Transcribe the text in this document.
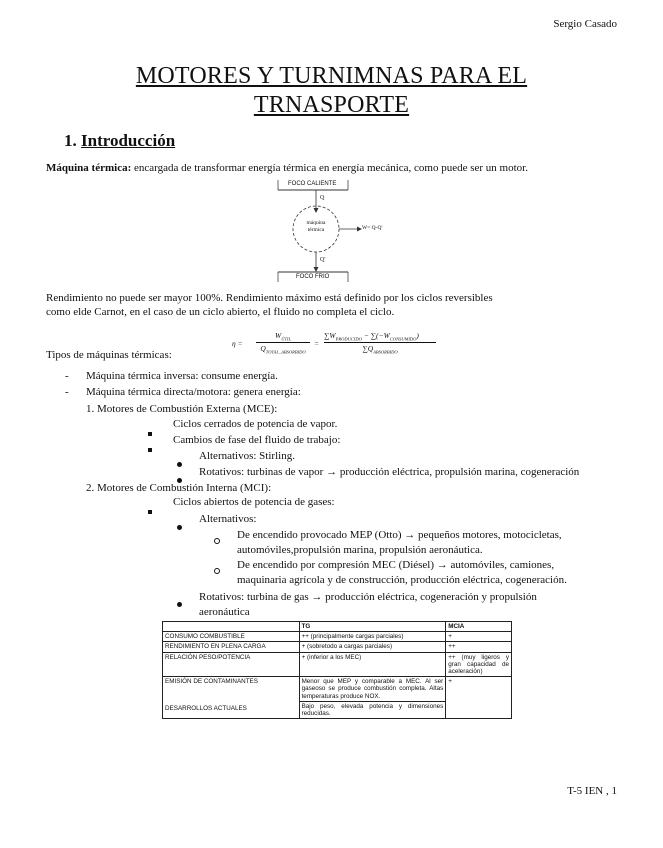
Sergio Casado
MOTORES Y TURNIMNAS PARA EL
TRNASPORTE
1. Introducción
Máquina térmica: encargada de transformar energía térmica en energía mecánica, como puede ser un motor.
FOCO CALIENTE
Q
máquina
térmica	W= Q-Q'
Q'
FOCO FRIO
Rendimiento no puede ser mayor 100%. Rendimiento máximo está definido por los ciclos reversibles
como elde Carnot, en el caso de un ciclo abierto, el fluido no completa el ciclo.
η =
$W_{ÚTIL}$
$Q_{TOTAL\_ABSORBIDO}$
=
$\sum W_{PRODUCIDO} - \sum(-W_{CONSUMIDO})$
$\sum Q_{ABSORBIDO}$
Tipos de máquinas térmicas:
- Máquina térmica inversa: consume energía.
- Máquina térmica directa/motora: genera energía:
1. Motores de Combustión Externa (MCE):
Ciclos cerrados de potencia de vapor.
Cambios de fase del fluido de trabajo:
Alternativos: Stirling.
Rotativos: turbinas de vapor → producción eléctrica, propulsión marina, cogeneración
2. Motores de Combustión Interna (MCI):
Ciclos abiertos de potencia de gases:
Alternativos:
De encendido provocado MEP (Otto) → pequeños motores, motocicletas,
automóviles,propulsión marina, propulsión aeronáutica.
De encendido por compresión MEC (Diésel) → automóviles, camiones,
maquinaria agrícola y de construcción, producción eléctrica, cogeneración.
Rotativos: turbina de gas → producción eléctrica, cogeneración y propulsión
aeronáutica
	TG	MCIA
CONSUMO COMBUSTIBLE	++ (principalmente cargas parciales)	+
RENDIMIENTO EN PLENA CARGA	+ (sobretodo a cargas parciales)	++
RELACIÓN PESO/POTENCIA	+ (inferior a los MEC)	++ (muy ligeros y gran capacidad de aceleración)
EMISIÓN DE CONTAMINANTES	Menor que MEP y comparable a MEC. Al ser gaseoso se produce combustión completa. Altas temperaturas produce NOX.	+
DESARROLLOS ACTUALES	Bajo peso, elevada potencia y dimensiones reducidas.	
T-5 IEN , 1
